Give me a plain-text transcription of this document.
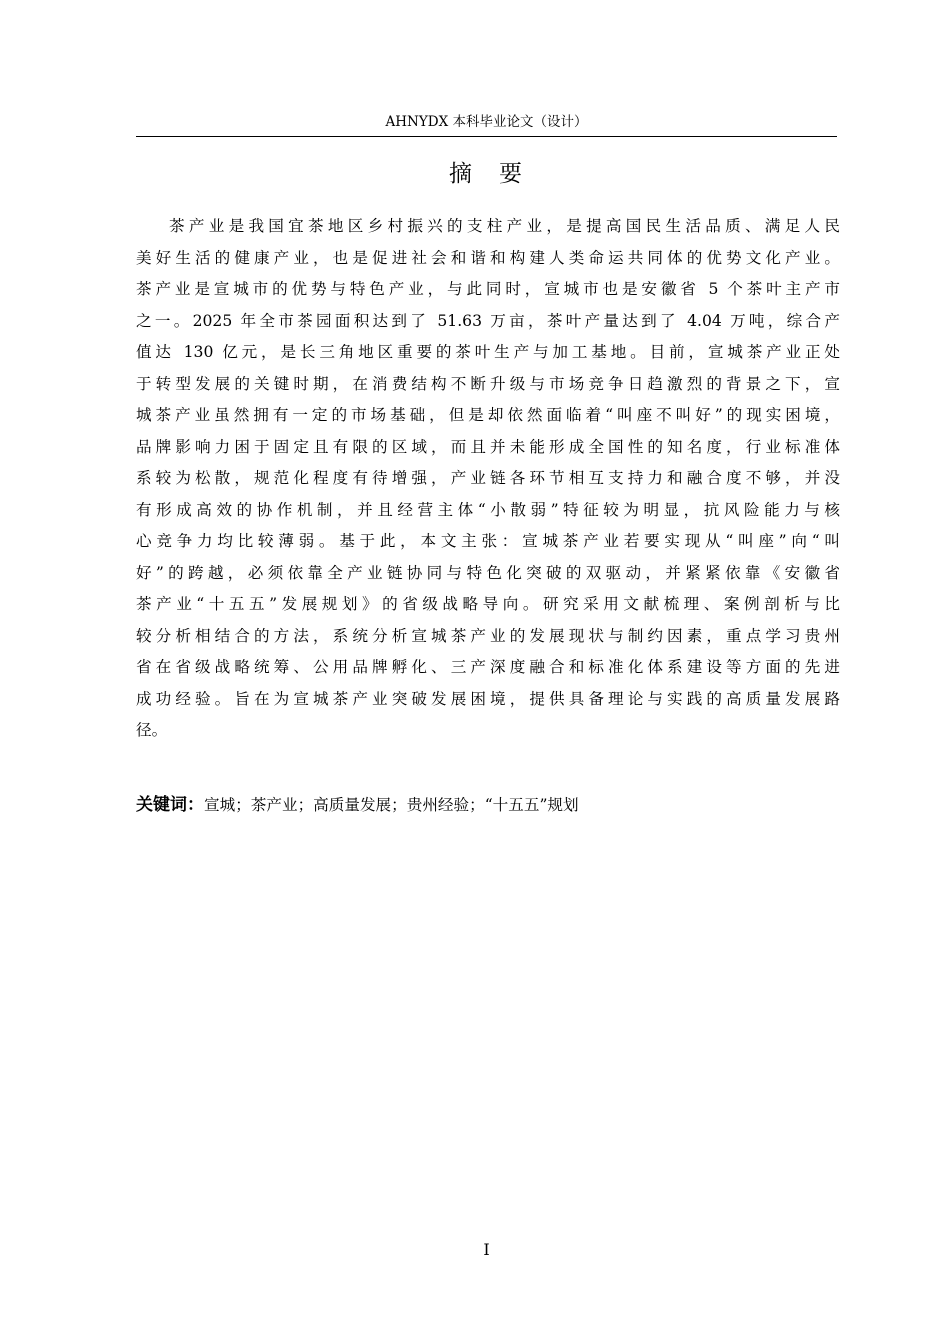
AHNYDX 本科毕业论文（设计）
摘　要
茶产业是我国宜茶地区乡村振兴的支柱产业，是提高国民生活品质、满足人民
美好生活的健康产业，也是促进社会和谐和构建人类命运共同体的优势文化产业。
茶产业是宣城市的优势与特色产业，与此同时，宣城市也是安徽省 5 个茶叶主产市
之一。2025 年全市茶园面积达到了 51.63 万亩，茶叶产量达到了 4.04 万吨，综合产
值达 130 亿元，是长三角地区重要的茶叶生产与加工基地。目前，宣城茶产业正处
于转型发展的关键时期，在消费结构不断升级与市场竞争日趋激烈的背景之下，宣
城茶产业虽然拥有一定的市场基础，但是却依然面临着“叫座不叫好”的现实困境，
品牌影响力困于固定且有限的区域，而且并未能形成全国性的知名度，行业标准体
系较为松散，规范化程度有待增强，产业链各环节相互支持力和融合度不够，并没
有形成高效的协作机制，并且经营主体“小散弱”特征较为明显，抗风险能力与核
心竞争力均比较薄弱。基于此，本文主张：宣城茶产业若要实现从“叫座”向“叫
好”的跨越，必须依靠全产业链协同与特色化突破的双驱动，并紧紧依靠《安徽省
茶产业“十五五”发展规划》的省级战略导向。研究采用文献梳理、案例剖析与比
较分析相结合的方法，系统分析宣城茶产业的发展现状与制约因素，重点学习贵州
省在省级战略统筹、公用品牌孵化、三产深度融合和标准化体系建设等方面的先进
成功经验。旨在为宣城茶产业突破发展困境，提供具备理论与实践的高质量发展路
径。
关键词：宣城；茶产业；高质量发展；贵州经验；“十五五”规划
I
